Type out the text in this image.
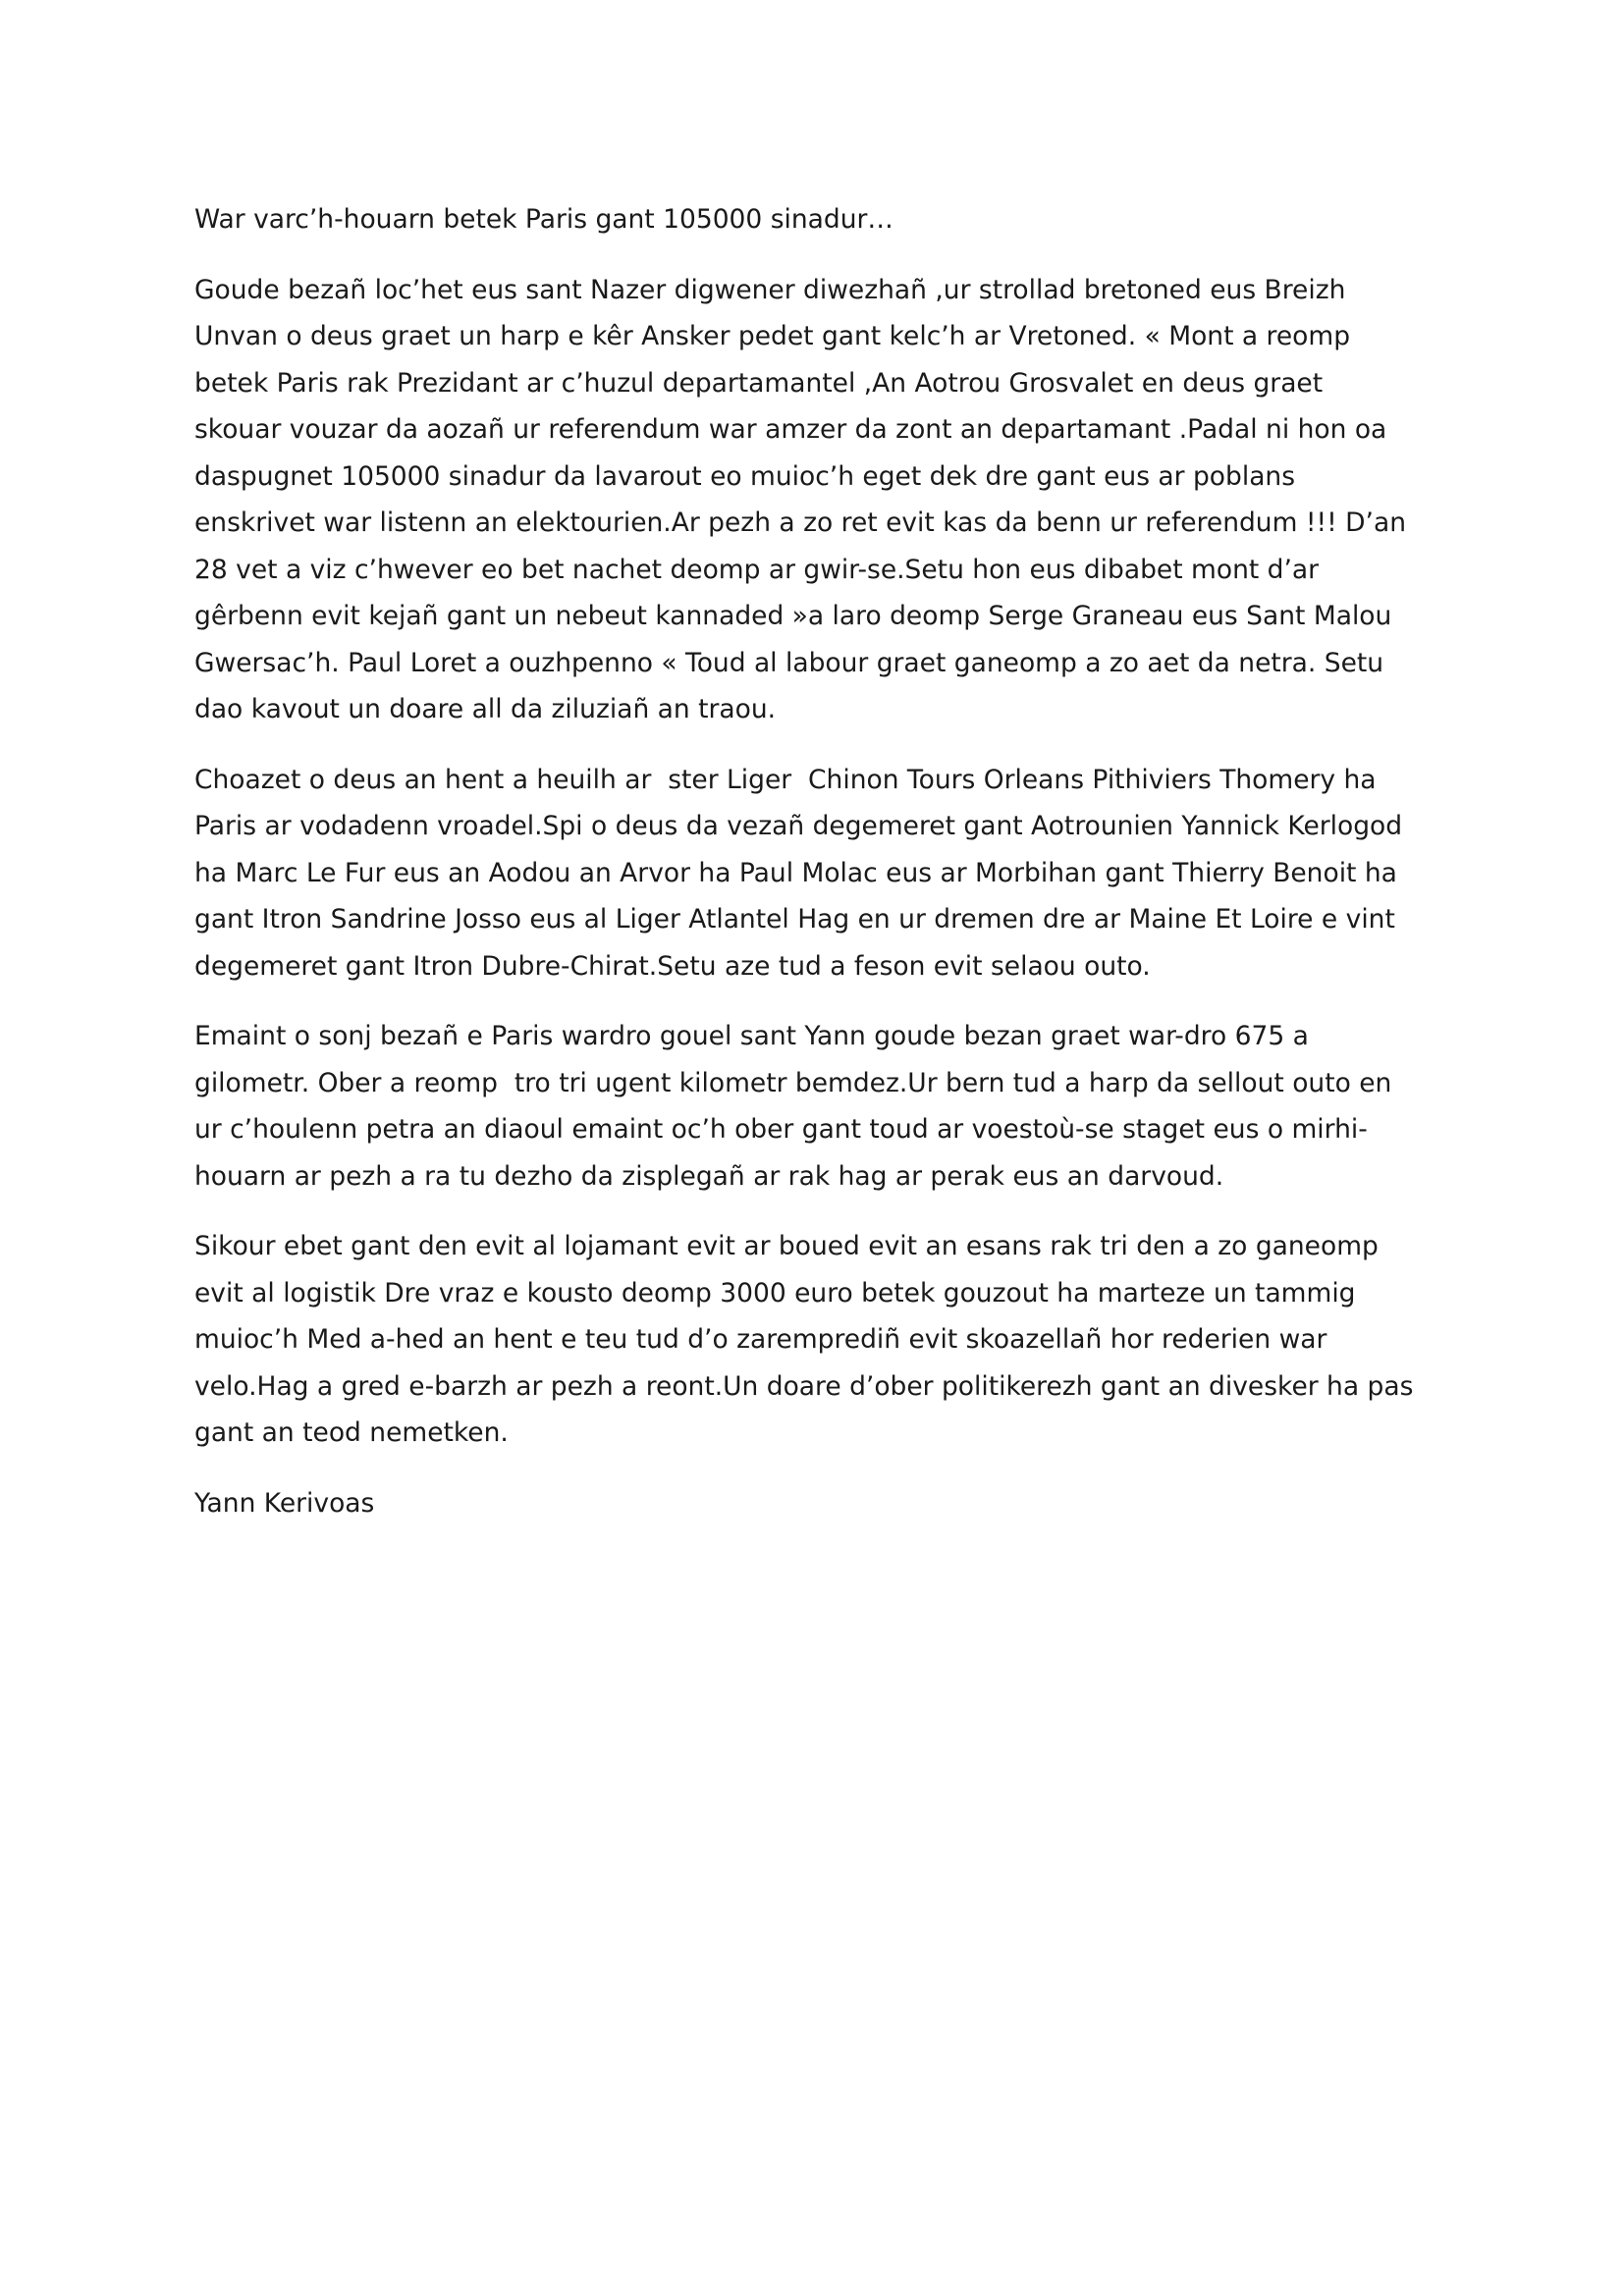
War varc’h-houarn betek Paris gant 105000 sinadur…
Goude bezañ loc’het eus sant Nazer digwener diwezhañ ,ur strollad bretoned eus Breizh
Unvan o deus graet un harp e kêr Ansker pedet gant kelc’h ar Vretoned. « Mont a reomp
betek Paris rak Prezidant ar c’huzul departamantel ,An Aotrou Grosvalet en deus graet
skouar vouzar da aozañ ur referendum war amzer da zont an departamant .Padal ni hon oa
daspugnet 105000 sinadur da lavarout eo muioc’h eget dek dre gant eus ar poblans
enskrivet war listenn an elektourien.Ar pezh a zo ret evit kas da benn ur referendum !!! D’an
28 vet a viz c’hwever eo bet nachet deomp ar gwir-se.Setu hon eus dibabet mont d’ar
gêrbenn evit kejañ gant un nebeut kannaded »a laro deomp Serge Graneau eus Sant Malou
Gwersac’h. Paul Loret a ouzhpenno « Toud al labour graet ganeomp a zo aet da netra. Setu
dao kavout un doare all da ziluziañ an traou.
Choazet o deus an hent a heuilh ar  ster Liger  Chinon Tours Orleans Pithiviers Thomery ha
Paris ar vodadenn vroadel.Spi o deus da vezañ degemeret gant Aotrounien Yannick Kerlogod
ha Marc Le Fur eus an Aodou an Arvor ha Paul Molac eus ar Morbihan gant Thierry Benoit ha
gant Itron Sandrine Josso eus al Liger Atlantel Hag en ur dremen dre ar Maine Et Loire e vint
degemeret gant Itron Dubre-Chirat.Setu aze tud a feson evit selaou outo.
Emaint o sonj bezañ e Paris wardro gouel sant Yann goude bezan graet war-dro 675 a
gilometr. Ober a reomp  tro tri ugent kilometr bemdez.Ur bern tud a harp da sellout outo en
ur c’houlenn petra an diaoul emaint oc’h ober gant toud ar voestoù-se staget eus o mirhi-
houarn ar pezh a ra tu dezho da zisplegañ ar rak hag ar perak eus an darvoud.
Sikour ebet gant den evit al lojamant evit ar boued evit an esans rak tri den a zo ganeomp
evit al logistik Dre vraz e kousto deomp 3000 euro betek gouzout ha marteze un tammig
muioc’h Med a-hed an hent e teu tud d’o zaremprediñ evit skoazellañ hor rederien war
velo.Hag a gred e-barzh ar pezh a reont.Un doare d’ober politikerezh gant an divesker ha pas
gant an teod nemetken.
Yann Kerivoas
